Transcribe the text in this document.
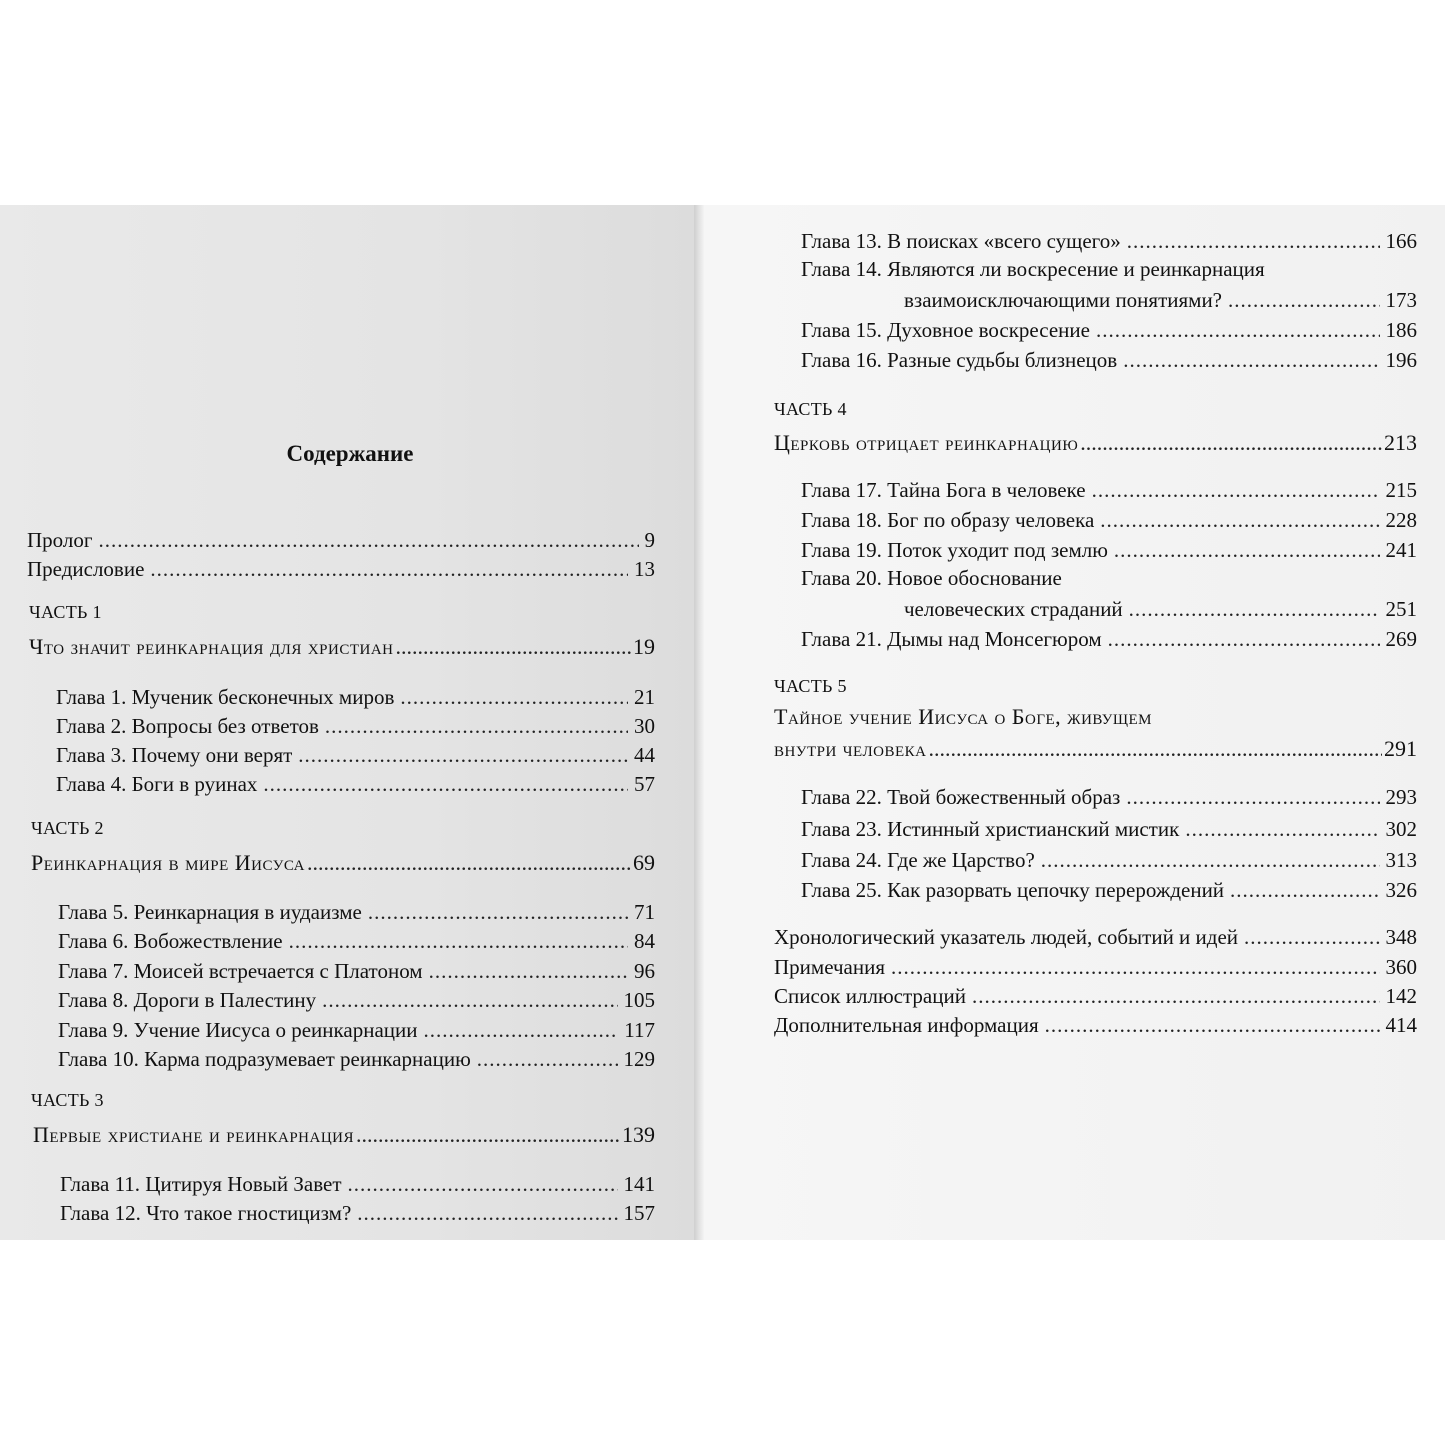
Содержание
Пролог .....	9
Предисловие .....	13
ЧАСТЬ 1
Что значит реинкарнация для христиан .....	19
Глава 1. Мученик бесконечных миров .....	21
Глава 2. Вопросы без ответов .....	30
Глава 3. Почему они верят .....	44
Глава 4. Боги в руинах .....	57
ЧАСТЬ 2
Реинкарнация в мире Иисуса .....	69
Глава 5. Реинкарнация в иудаизме .....	71
Глава 6. Вобожествление .....	84
Глава 7. Моисей встречается с Платоном .....	96
Глава 8. Дороги в Палестину .....	105
Глава 9. Учение Иисуса о реинкарнации .....	117
Глава 10. Карма подразумевает реинкарнацию .....	129
ЧАСТЬ 3
Первые христиане и реинкарнация .....	139
Глава 11. Цитируя Новый Завет .....	141
Глава 12. Что такое гностицизм? .....	157
Глава 13. В поисках «всего сущего» .....	166
Глава 14. Являются ли воскресение и реинкарнация
взаимоисключающими понятиями? .....	173
Глава 15. Духовное воскресение .....	186
Глава 16. Разные судьбы близнецов .....	196
ЧАСТЬ 4
Церковь отрицает реинкарнацию .....	213
Глава 17. Тайна Бога в человеке .....	215
Глава 18. Бог по образу человека .....	228
Глава 19. Поток уходит под землю .....	241
Глава 20. Новое обоснование
человеческих страданий .....	251
Глава 21. Дымы над Монсегюром .....	269
ЧАСТЬ 5
Тайное учение Иисуса о Боге, живущем
внутри человека .....	291
Глава 22. Твой божественный образ .....	293
Глава 23. Истинный христианский мистик .....	302
Глава 24. Где же Царство? .....	313
Глава 25. Как разорвать цепочку перерождений .....	326
Хронологический указатель людей, событий и идей .....	348
Примечания .....	360
Список иллюстраций .....	142
Дополнительная информация .....	414
